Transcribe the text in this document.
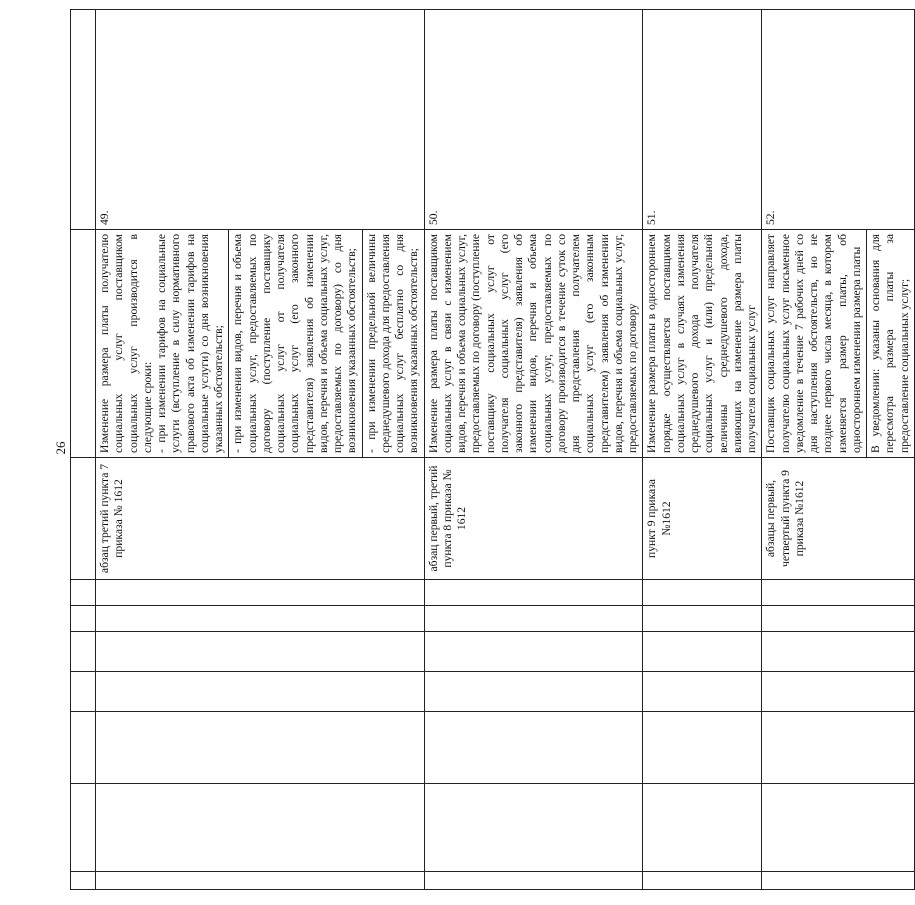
26

							абзац третий пункта 7 приказа № 1612	Изменение размера платы получателю социальных услуг поставщиком социальных услуг производится в следующие сроки: - при изменении тарифов на социальные услуги (вступление в силу нормативного правового акта об изменении тарифов на социальные услуги) со дня возникновения указанных обстоятельств; - при изменении видов, перечня и объема социальных услуг, предоставляемых по договору (поступление поставщику социальных услуг от получателя социальных услуг (его законного представителя) заявления об изменении видов, перечня и объема социальных услуг, предоставляемых по договору) со дня возникновения указанных обстоятельств; - при изменении предельной величины среднедушевого дохода для предоставления социальных услуг бесплатно со дня возникновения указанных обстоятельств;	49.
							абзац первый, третий пункта 8 приказа № 1612	Изменение размера платы поставщиком социальных услуг в связи с изменением видов, перечня и объема социальных услуг, предоставляемых по договору (поступление поставщику социальных услуг от получателя социальных услуг (его законного представителя) заявления об изменении видов, перечня и объема социальных услуг, предоставляемых по договору производится в течение суток со дня представления получателем социальных услуг (его законным представителем) заявления об изменении видов, перечня и объема социальных услуг, предоставляемых по договору	50.
							пункт 9 приказа №1612	Изменение размера платы в одностороннем порядке осуществляется поставщиком социальных услуг в случаях изменения среднедушевого дохода получателя социальных услуг и (или) предельной величины среднедушевого дохода, влияющих на изменение размера платы получателя социальных услуг	51.
							абзацы первый, четвертый пункта 9 приказа №1612	Поставщик социальных услуг направляет получателю социальных услуг письменное уведомление в течение 7 рабочих дней со дня наступления обстоятельств, но не позднее первого числа месяца, в котором изменяется размер платы, об одностороннем изменении размера платы В уведомлении: указаны основания для пересмотра размера платы за предоставление социальных услуг;	52.
